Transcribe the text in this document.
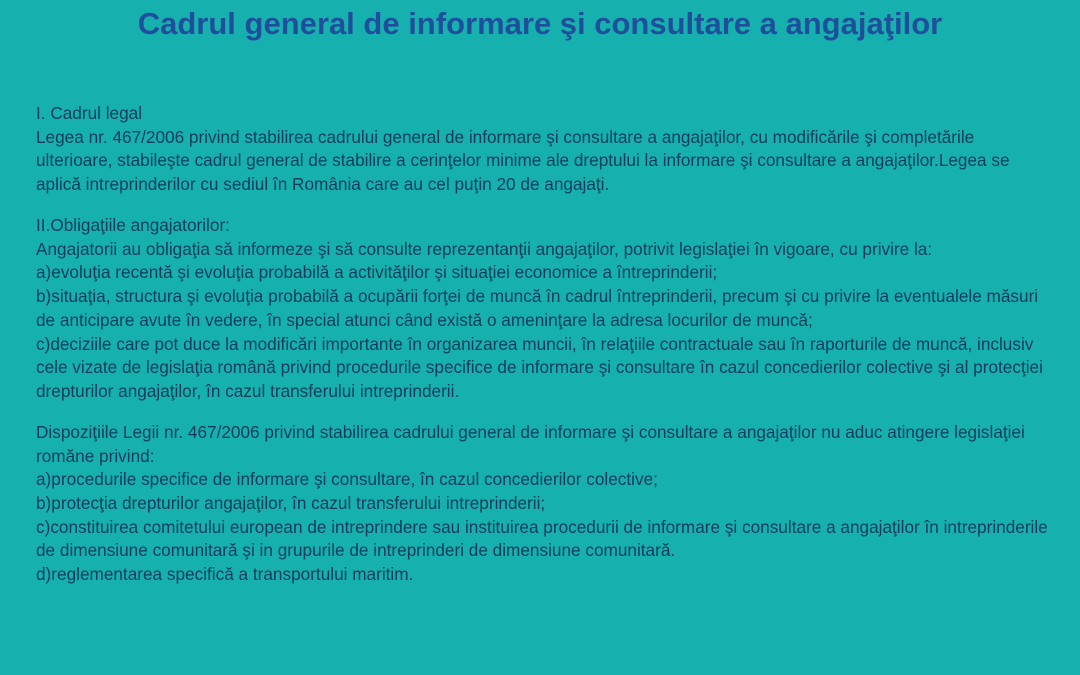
Cadrul general de informare şi consultare a angajaţilor

I. Cadrul legal

Legea nr. 467/2006 privind stabilirea cadrului general de informare şi consultare a angajaţilor, cu modificările şi completările ulterioare, stabileşte cadrul general de stabilire a cerinţelor minime ale dreptului la informare şi consultare a angajaţilor.Legea se aplică intreprinderilor cu sediul în România care au cel puţin 20 de angajaţi.

II.Obligaţiile angajatorilor:

Angajatorii au obligaţia să informeze şi să consulte reprezentanţii angajaţilor, potrivit legislaţiei în vigoare, cu privire la:

a)evoluţia recentă şi evoluţia probabilă a activităţilor şi situaţiei economice a întreprinderii;

b)situaţia, structura şi evoluţia probabilă a ocupării forţei de muncă în cadrul întreprinderii, precum şi cu privire la eventualele măsuri de anticipare avute în vedere, în special atunci când există o ameninţare la adresa locurilor de muncă;

c)deciziile care pot duce la modificări importante în organizarea muncii, în relaţiile contractuale sau în raporturile de muncă, inclusiv cele vizate de legislaţia română privind procedurile specifice de informare şi consultare în cazul concedierilor colective şi al protecţiei drepturilor angajaţilor, în cazul transferului intreprinderii.

Dispoziţiile Legii nr. 467/2006 privind stabilirea cadrului general de informare şi consultare a angajaţilor nu aduc atingere legislaţiei romăne privind:

a)procedurile specifice de informare şi consultare, în cazul concedierilor colective;

b)protecţia drepturilor angajaţilor, în cazul transferului intreprinderii;

c)constituirea comitetului european de intreprindere sau instituirea procedurii de informare şi consultare a angajaţilor în intreprinderile de dimensiune comunitară şi in grupurile de intreprinderi de dimensiune comunitară.

d)reglementarea specifică a transportului maritim.
